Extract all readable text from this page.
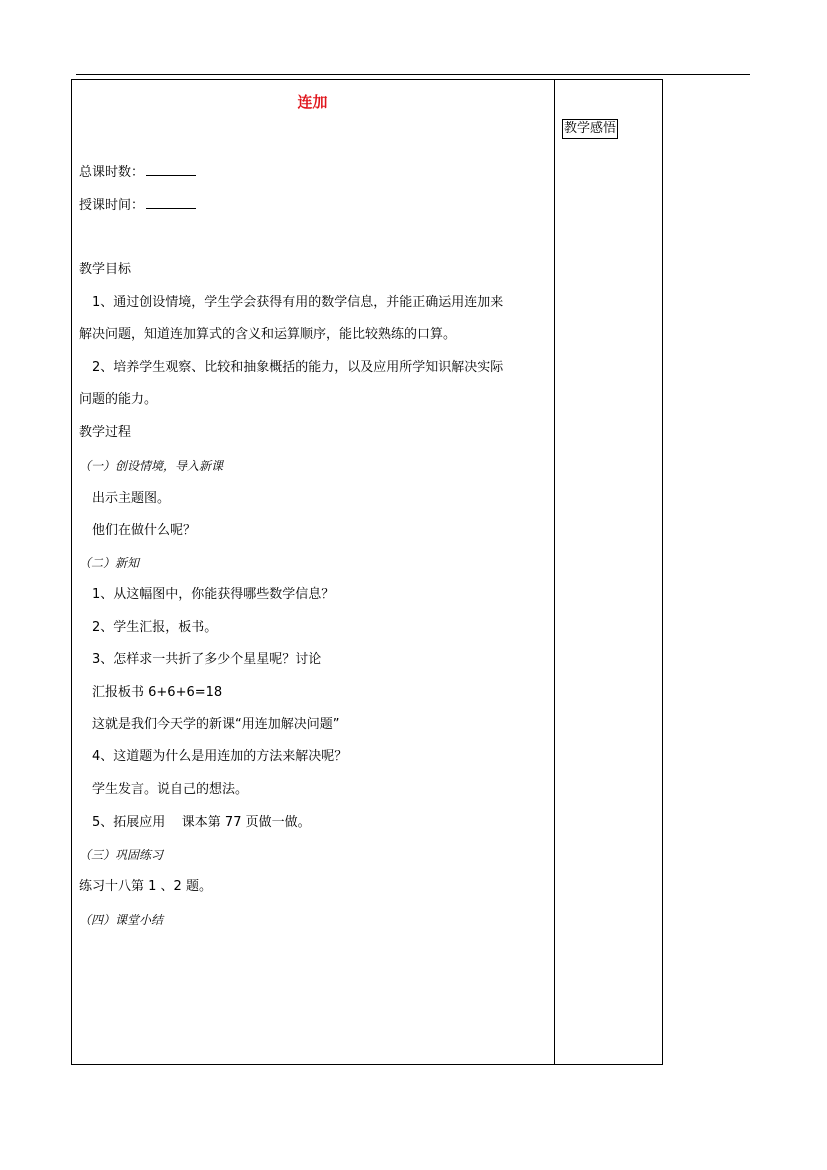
连加
教学感悟
总课时数：
授课时间：
教学目标
1、通过创设情境，学生学会获得有用的数学信息，并能正确运用连加来
解决问题，知道连加算式的含义和运算顺序，能比较熟练的口算。
2、培养学生观察、比较和抽象概括的能力，以及应用所学知识解决实际
问题的能力。
教学过程
（一）创设情境，导入新课
出示主题图。
他们在做什么呢？
（二）新知
1、从这幅图中，你能获得哪些数学信息？
2、学生汇报，板书。
3、怎样求一共折了多少个星星呢？讨论
汇报板书 6+6+6=18
这就是我们今天学的新课“用连加解决问题”
4、这道题为什么是用连加的方法来解决呢？
学生发言。说自己的想法。
5、拓展应用    课本第 77 页做一做。
（三）巩固练习
练习十八第 1 、2 题。
（四）课堂小结
